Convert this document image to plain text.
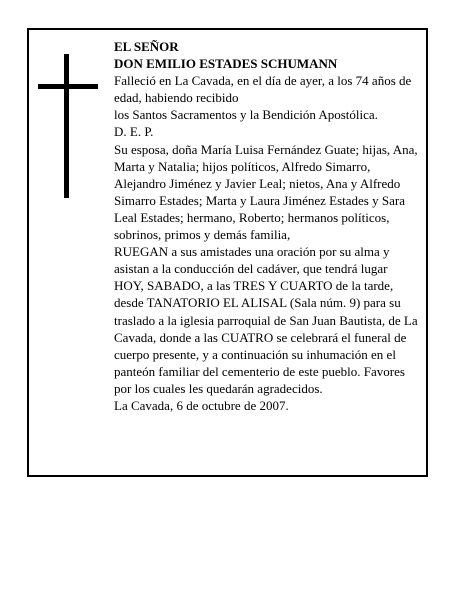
EL SEÑOR

DON EMILIO ESTADES SCHUMANN

Falleció en La Cavada, en el día de ayer, a los 74 años de edad, habiendo recibido

los Santos Sacramentos y la Bendición Apostólica.

D. E. P.

Su esposa, doña María Luisa Fernández Guate; hijas, Ana, Marta y Natalia; hijos políticos, Alfredo Simarro, Alejandro Jiménez y Javier Leal; nietos, Ana y Alfredo Simarro Estades; Marta y Laura Jiménez Estades y Sara Leal Estades; hermano, Roberto; hermanos políticos, sobrinos, primos y demás familia,

RUEGAN a sus amistades una oración por su alma y asistan a la conducción del cadáver, que tendrá lugar HOY, SABADO, a las TRES Y CUARTO de la tarde, desde TANATORIO EL ALISAL (Sala núm. 9) para su traslado a la iglesia parroquial de San Juan Bautista, de La Cavada, donde a las CUATRO se celebrará el funeral de cuerpo presente, y a continuación su inhumación en el panteón familiar del cementerio de este pueblo. Favores por los cuales les quedarán agradecidos.

La Cavada, 6 de octubre de 2007.
